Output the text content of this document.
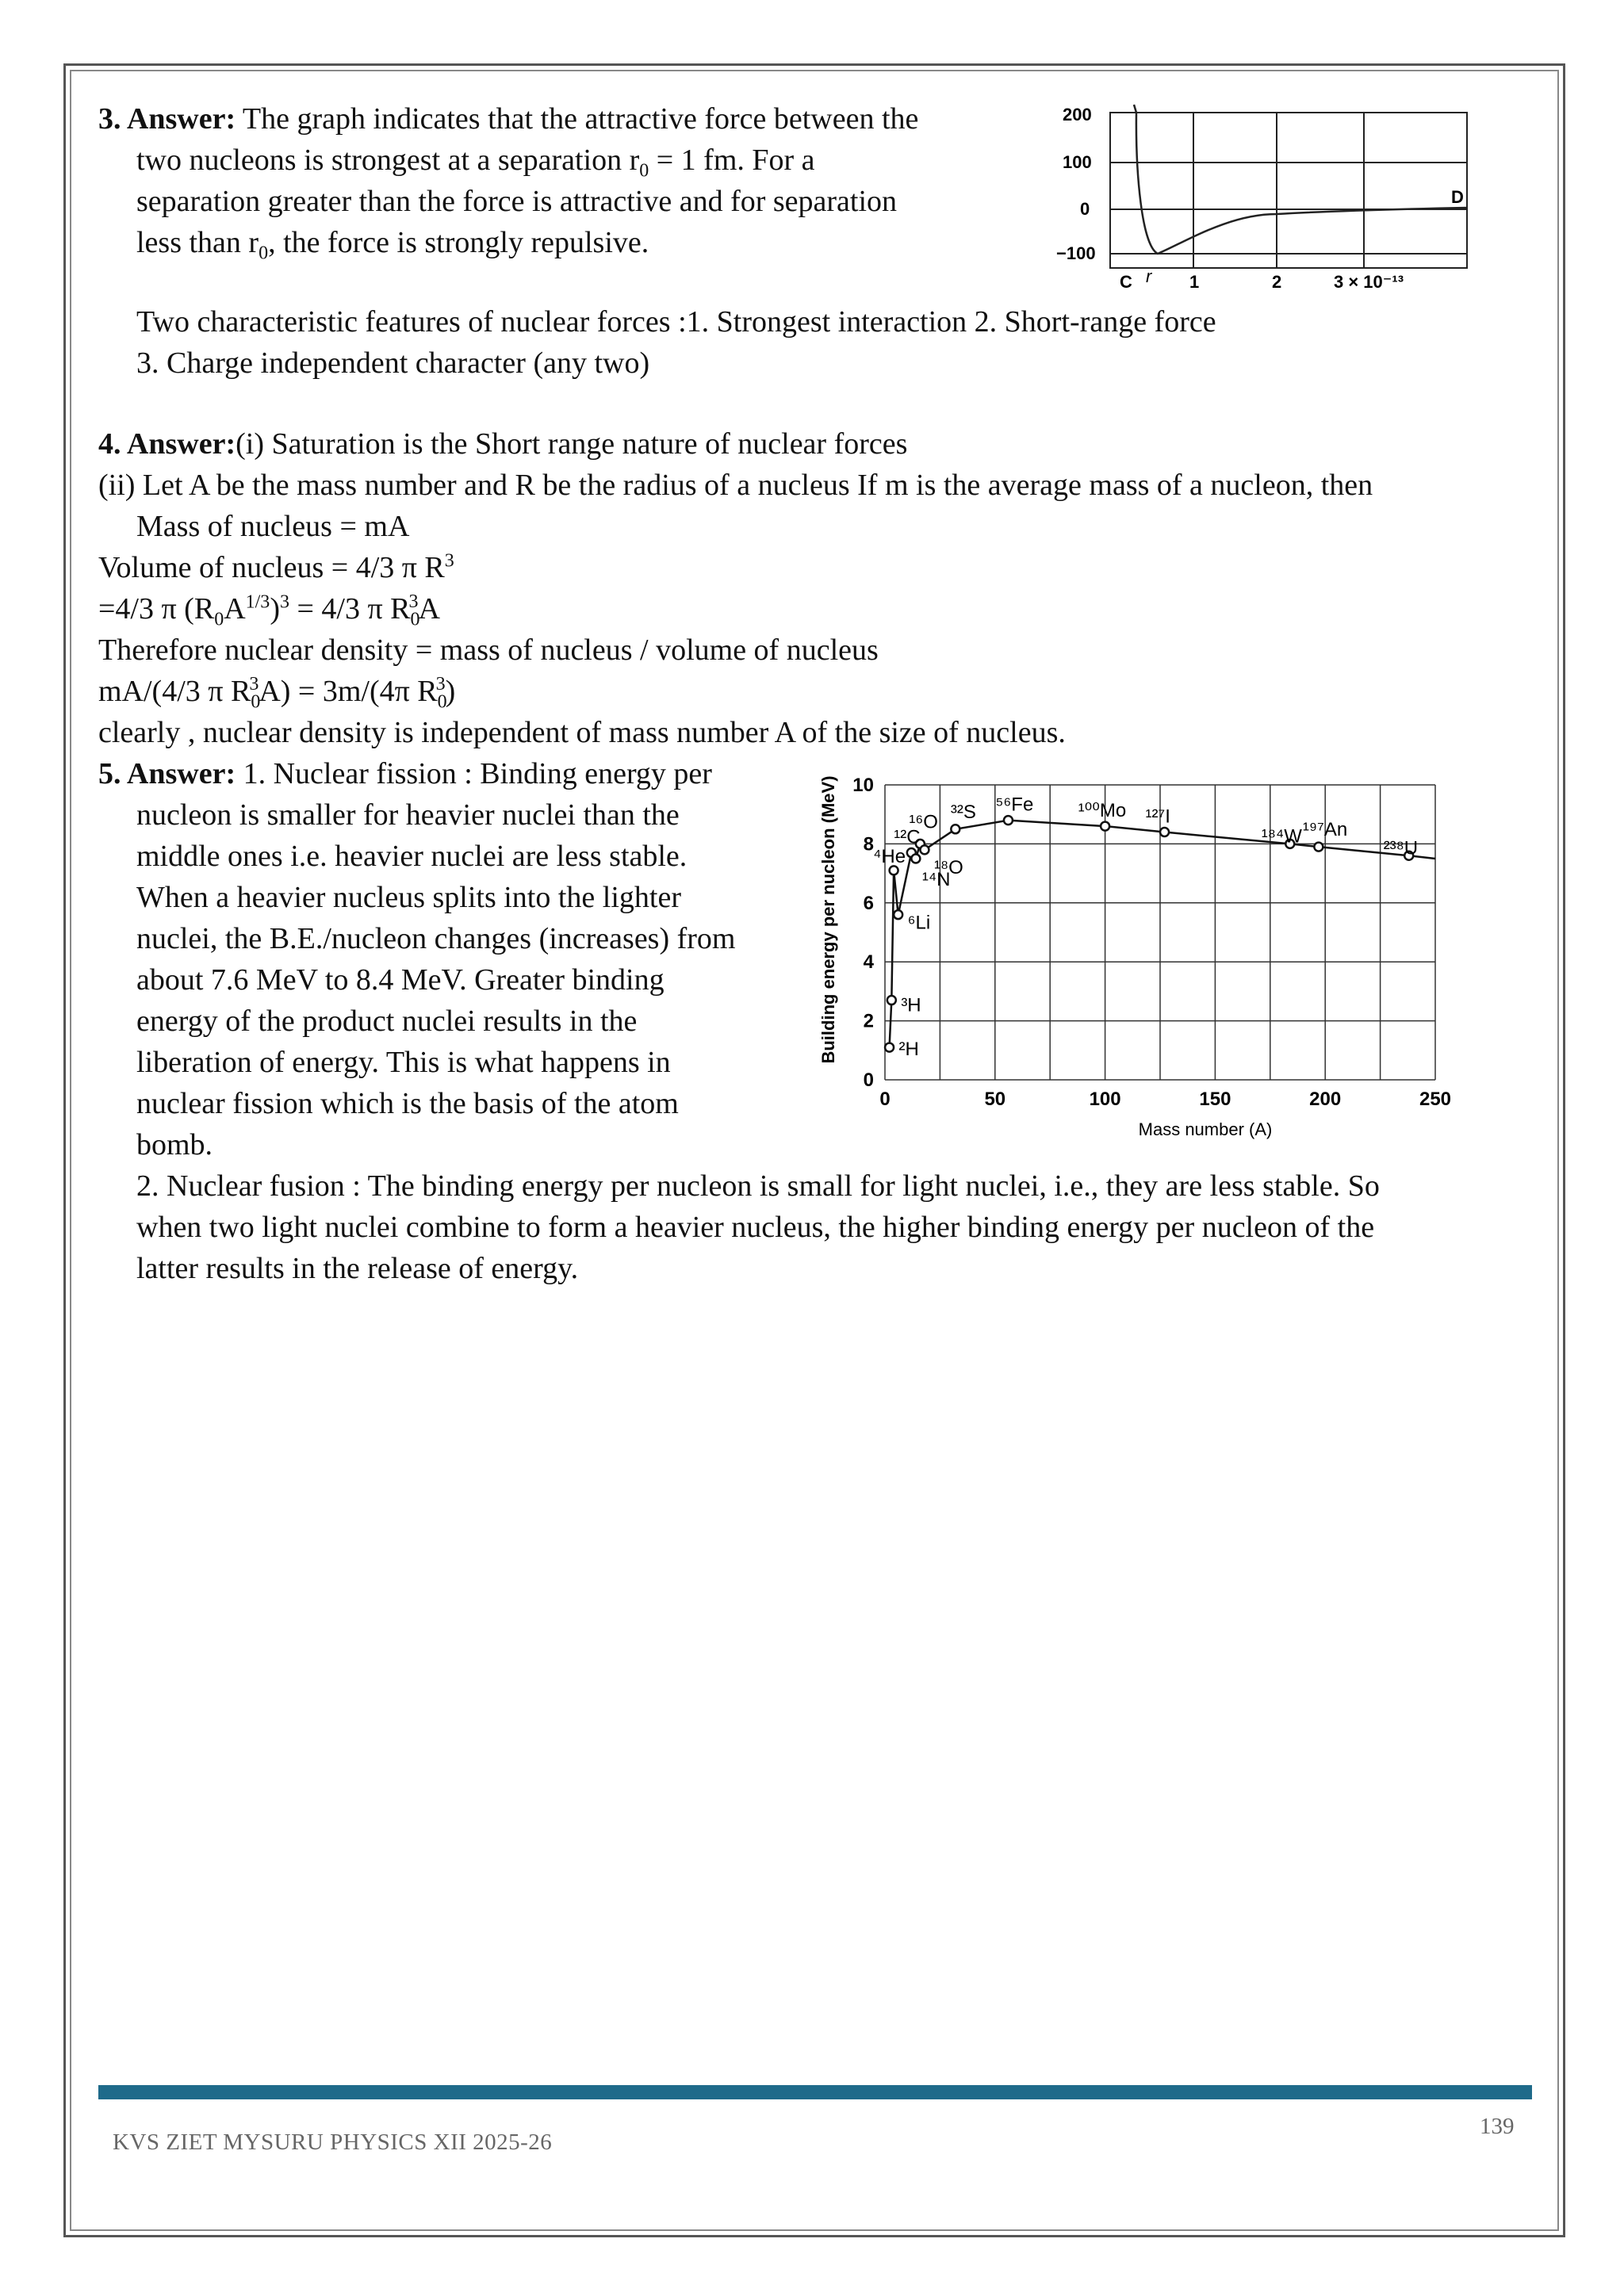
3. Answer: The graph indicates that the attractive force between the
two nucleons is strongest at a separation $r_0 = 1$ fm. For a
separation greater than the force is attractive and for separation
less than $r_0$, the force is strongly repulsive.
200
100
0
−100
C r 1	2	3 × 10⁻¹³
D
Two characteristic features of nuclear forces :1. Strongest interaction 2. Short-range force
3. Charge independent character (any two)
4. Answer:(i) Saturation is the Short range nature of nuclear forces
(ii) Let A be the mass number and R be the radius of a nucleus If m is the average mass of a nucleon, then
Mass of nucleus = mA
Volume of nucleus = 4/3 π $R^3$
=4/3 π $(R_0A^{1/3})^3 = 4/3$ π $R_0^3A$
Therefore nuclear density = mass of nucleus / volume of nucleus
mA/(4/3 π $R_0^3A) = 3m/(4\pi$ $R_0^3$)
clearly , nuclear density is independent of mass number A of the size of nucleus.
5. Answer: 1. Nuclear fission : Binding energy per
nucleon is smaller for heavier nuclei than the
middle ones i.e. heavier nuclei are less stable.
When a heavier nucleus splits into the lighter
nuclei, the B.E./nucleon changes (increases) from
about 7.6 MeV to 8.4 MeV. Greater binding
energy of the product nuclei results in the
liberation of energy. This is what happens in
nuclear fission which is the basis of the atom
bomb.
2. Nuclear fusion : The binding energy per nucleon is small for light nuclei, i.e., they are less stable. So
when two light nuclei combine to form a heavier nucleus, the higher binding energy per nucleon of the
latter results in the release of energy.
0	50	100	150	200	250
0
2
4
6
8
10
²H
³H
⁴He
⁶Li
¹²C
¹⁴N
¹⁶O
¹⁸O
³²S ⁵⁶Fe ¹⁰⁰Mo ¹²⁷I
¹⁸⁴W ¹⁹⁷An
²³⁸U
Mass number (A)
Building energy per nucleon (MeV)
KVS ZIET MYSURU PHYSICS XII 2025-26
139
